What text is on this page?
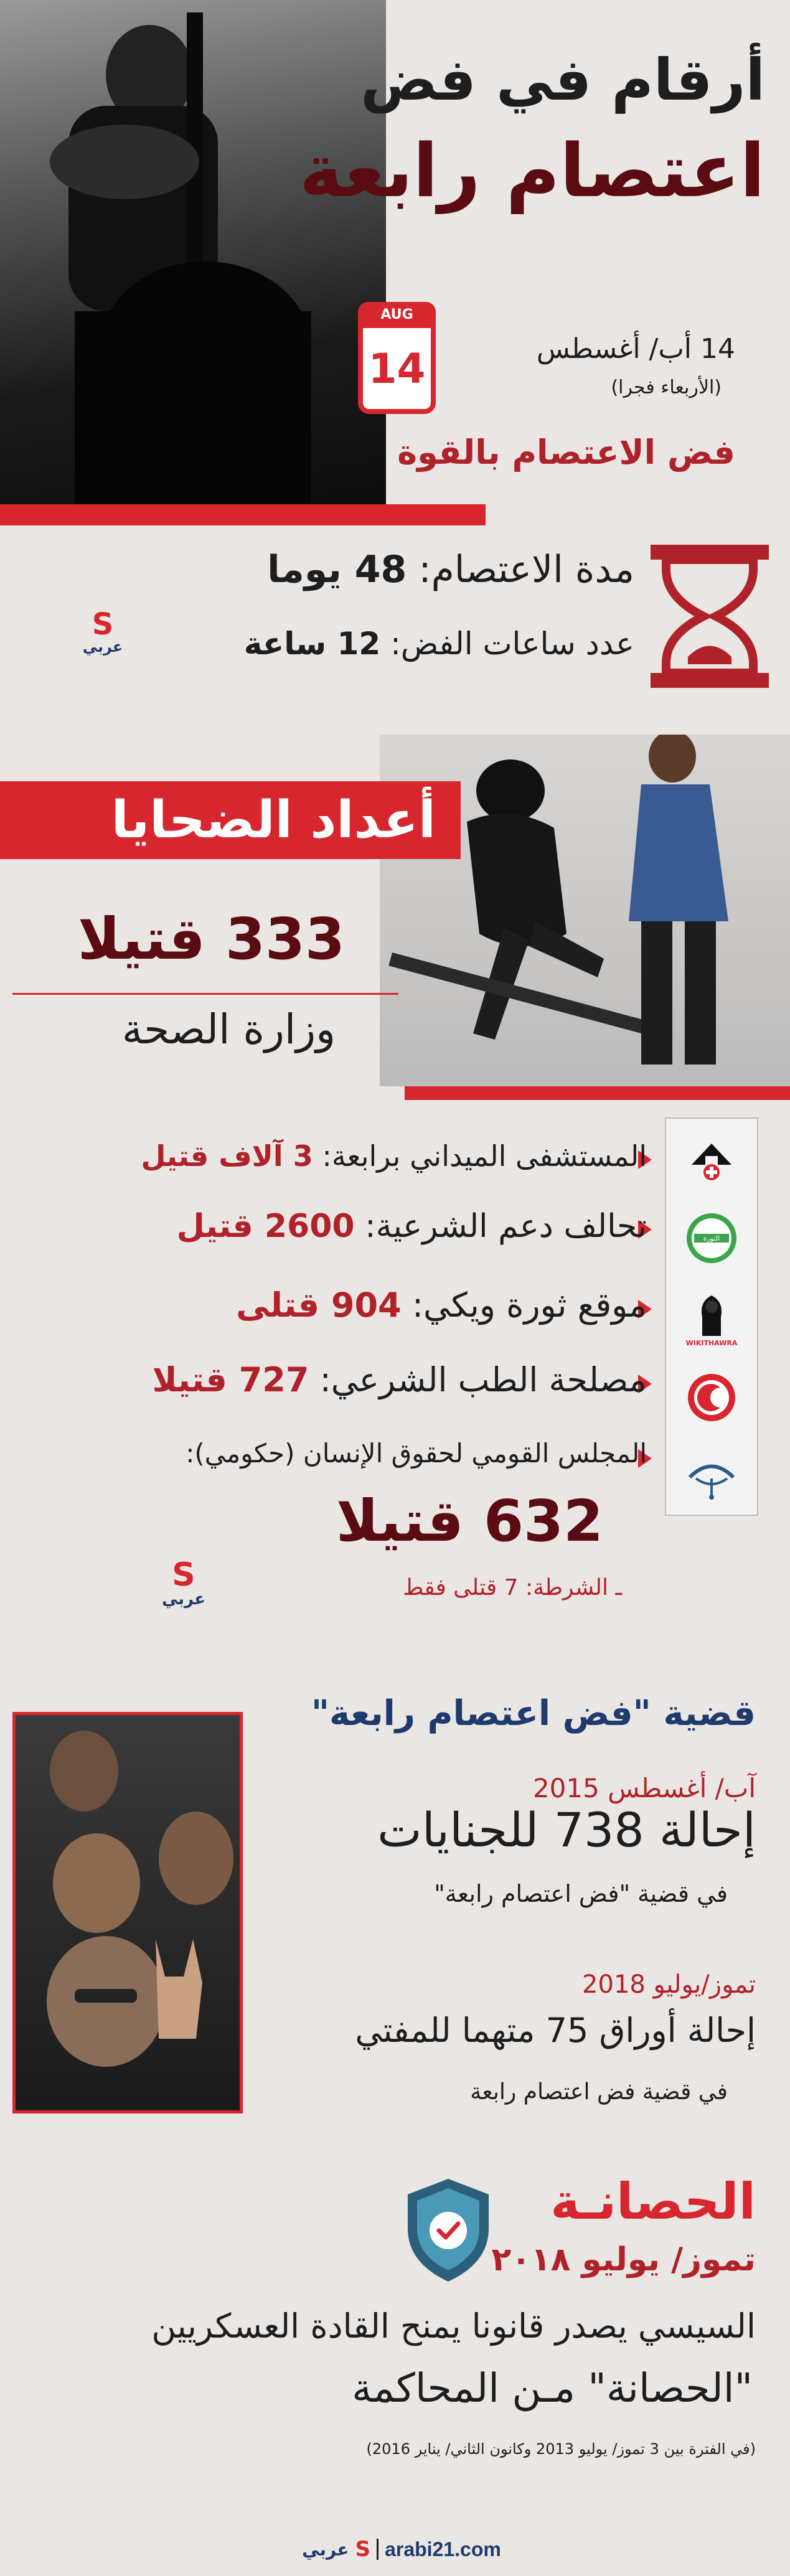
أرقام في فض
اعتصام رابعة
AUG
14	14 أب/ أغسطس
(الأربعاء فجرا)
فض الاعتصام بالقوة
مدة الاعتصام: 48 يوما
عدد ساعات الفض: 12 ساعة
S
عربي
أعداد الضحايا
333 قتيلا
وزارة الصحة
الثورة
WIKITHAWRA
المستشفى الميداني برابعة: 3 آلاف قتيل
تحالف دعم الشرعية: 2600 قتيل
موقع ثورة ويكي: 904 قتلى
مصلحة الطب الشرعي: 727 قتيلا
المجلس القومي لحقوق الإنسان (حكومي):
632 قتيلا
ـ الشرطة: 7 قتلى فقط
S
عربي
قضية "فض اعتصام رابعة"
آب/ أغسطس 2015
إحالة 738 للجنايات
في قضية "فض اعتصام رابعة"
تموز/يوليو 2018
إحالة أوراق 75 متهما للمفتي
في قضية فض اعتصام رابعة
الحصانـة
تموز/ يوليو ٢٠١٨
السيسي يصدر قانونا يمنح القادة العسكريين
"الحصانة" مـن المحاكمة
(في الفترة بين 3 تموز/ يوليو 2013 وكانون الثاني/ يناير 2016)
عربي S arabi21.com
